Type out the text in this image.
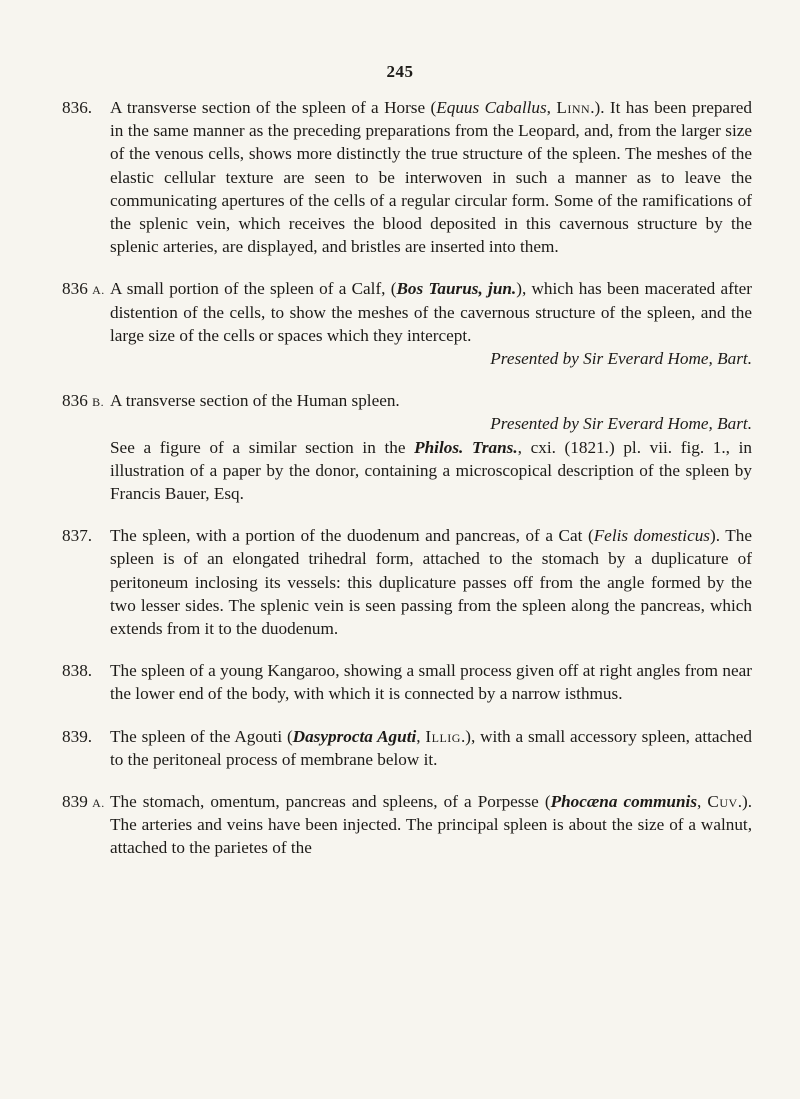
245
836.	A transverse section of the spleen of a Horse (Equus Caballus, Linn.). It has been prepared in the same manner as the preceding preparations from the Leopard, and, from the larger size of the venous cells, shows more distinctly the true structure of the spleen. The meshes of the elastic cellular texture are seen to be interwoven in such a manner as to leave the communicating apertures of the cells of a regular circular form. Some of the ramifications of the splenic vein, which receives the blood deposited in this cavernous structure by the splenic arteries, are displayed, and bristles are inserted into them.
836 A. A small portion of the spleen of a Calf, (Bos Taurus, jun.), which has been macerated after distention of the cells, to show the meshes of the cavernous structure of the spleen, and the large size of the cells or spaces which they intercept.
Presented by Sir Everard Home, Bart.
836 B. A transverse section of the Human spleen.
Presented by Sir Everard Home, Bart.
See a figure of a similar section in the Philos. Trans., cxi. (1821.) pl. vii. fig. 1., in illustration of a paper by the donor, containing a microscopical description of the spleen by Francis Bauer, Esq.
837.	The spleen, with a portion of the duodenum and pancreas, of a Cat (Felis domesticus). The spleen is of an elongated trihedral form, attached to the stomach by a duplicature of peritoneum inclosing its vessels: this duplicature passes off from the angle formed by the two lesser sides. The splenic vein is seen passing from the spleen along the pancreas, which extends from it to the duodenum.
838.	The spleen of a young Kangaroo, showing a small process given off at right angles from near the lower end of the body, with which it is connected by a narrow isthmus.
839.	The spleen of the Agouti (Dasyprocta Aguti, Illig.), with a small accessory spleen, attached to the peritoneal process of membrane below it.
839 A. The stomach, omentum, pancreas and spleens, of a Porpesse (Phocæna communis, Cuv.). The arteries and veins have been injected. The principal spleen is about the size of a walnut, attached to the parietes of the
